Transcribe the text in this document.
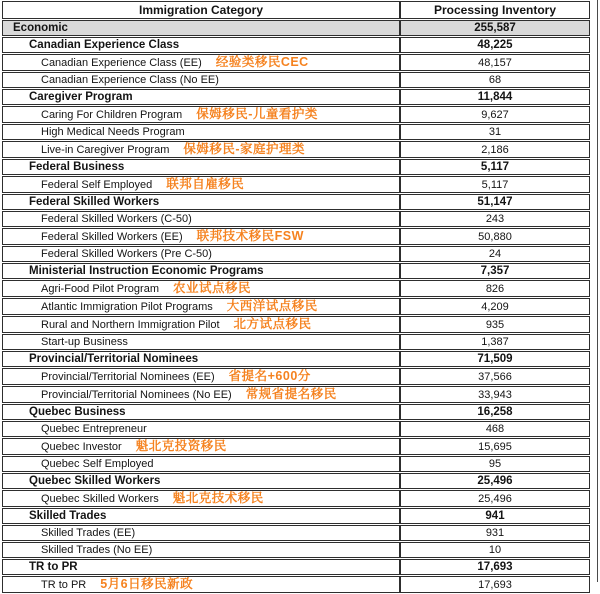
Immigration Category	Processing Inventory
Economic	255,587
Canadian Experience Class	48,225
Canadian Experience Class (EE) 经验类移民CEC	48,157
Canadian Experience Class (No EE)	68
Caregiver Program	11,844
Caring For Children Program 保姆移民-儿童看护类	9,627
High Medical Needs Program	31
Live-in Caregiver Program 保姆移民-家庭护理类	2,186
Federal Business	5,117
Federal Self Employed 联邦自雇移民	5,117
Federal Skilled Workers	51,147
Federal Skilled Workers (C-50)	243
Federal Skilled Workers (EE) 联邦技术移民FSW	50,880
Federal Skilled Workers (Pre C-50)	24
Ministerial Instruction Economic Programs	7,357
Agri-Food Pilot Program 农业试点移民	826
Atlantic Immigration Pilot Programs 大西洋试点移民	4,209
Rural and Northern Immigration Pilot 北方试点移民	935
Start-up Business	1,387
Provincial/Territorial Nominees	71,509
Provincial/Territorial Nominees (EE) 省提名+600分	37,566
Provincial/Territorial Nominees (No EE) 常规省提名移民	33,943
Quebec Business	16,258
Quebec Entrepreneur	468
Quebec Investor 魁北克投资移民	15,695
Quebec Self Employed	95
Quebec Skilled Workers	25,496
Quebec Skilled Workers 魁北克技术移民	25,496
Skilled Trades	941
Skilled Trades (EE)	931
Skilled Trades (No EE)	10
TR to PR	17,693
TR to PR 5月6日移民新政	17,693
